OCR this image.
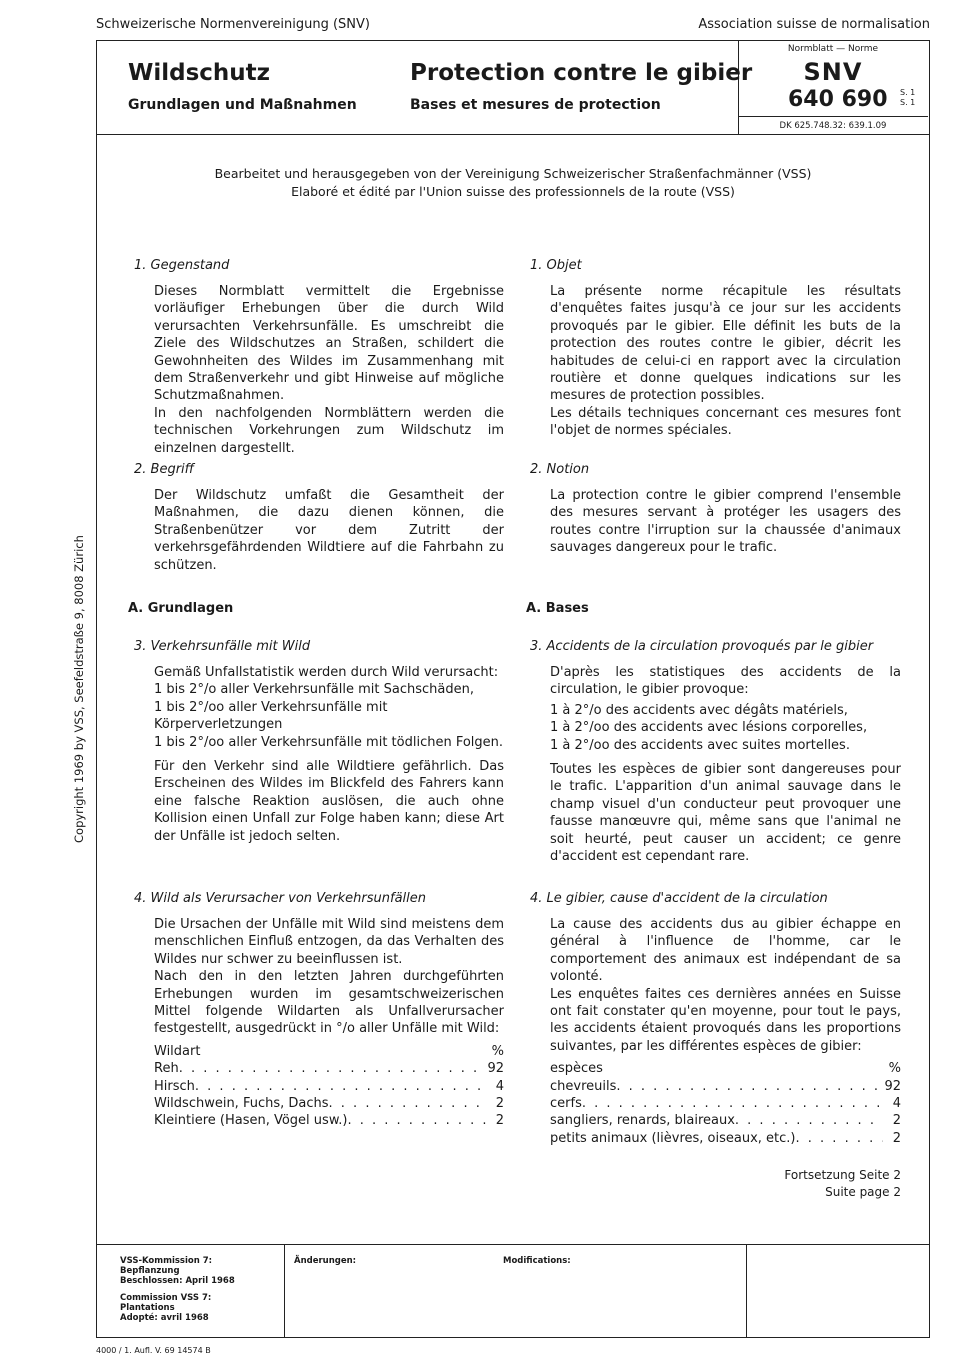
Schweizerische Normenvereinigung (SNV)	Association suisse de normalisation
Wildschutz
Grundlagen und Maßnahmen
Protection contre le gibier
Bases et mesures de protection
Normblatt — Norme
SNV
640 690 S. 1
S. 1
DK 625.748.32: 639.1.09
Bearbeitet und herausgegeben von der Vereinigung Schweizerischer Straßenfachmänner (VSS)
Elaboré et édité par l'Union suisse des professionnels de la route (VSS)
Copyright 1969 by VSS, Seefeldstraße 9, 8008 Zürich
1. Gegenstand
Dieses Normblatt vermittelt die Ergebnisse vorläufiger Erhebungen über die durch Wild verursachten Verkehrsunfälle. Es umschreibt die Ziele des Wildschutzes an Straßen, schildert die Gewohnheiten des Wildes im Zusammenhang mit dem Straßenverkehr und gibt Hinweise auf mögliche Schutzmaßnahmen.
In den nachfolgenden Normblättern werden die technischen Vorkehrungen zum Wildschutz im einzelnen dargestellt.
2. Begriff
Der Wildschutz umfaßt die Gesamtheit der Maßnahmen, die dazu dienen können, die Straßenbenützer vor dem Zutritt der verkehrsgefährdenden Wildtiere auf die Fahrbahn zu schützen.
A. Grundlagen
3. Verkehrsunfälle mit Wild
Gemäß Unfallstatistik werden durch Wild verursacht:
1 bis 2°/o aller Verkehrsunfälle mit Sachschäden,
1 bis 2°/oo aller Verkehrsunfälle mit Körperverletzungen
1 bis 2°/oo aller Verkehrsunfälle mit tödlichen Folgen.
Für den Verkehr sind alle Wildtiere gefährlich. Das Erscheinen des Wildes im Blickfeld des Fahrers kann eine falsche Reaktion auslösen, die auch ohne Kollision einen Unfall zur Folge haben kann; diese Art der Unfälle ist jedoch selten.
4. Wild als Verursacher von Verkehrsunfällen
Die Ursachen der Unfälle mit Wild sind meistens dem menschlichen Einfluß entzogen, da das Verhalten des Wildes nur schwer zu beeinflussen ist.
Nach den in den letzten Jahren durchgeführten Erhebungen wurden im gesamtschweizerischen Mittel folgende Wildarten als Unfallverursacher festgestellt, ausgedrückt in °/o aller Unfälle mit Wild:
Wildart	%
Reh . . .	92
Hirsch . . .	4
Wildschwein, Fuchs, Dachs . . .	2
Kleintiere (Hasen, Vögel usw.) . . .	2
1. Objet
La présente norme récapitule les résultats d'enquêtes faites jusqu'à ce jour sur les accidents provoqués par le gibier. Elle définit les buts de la protection des routes contre le gibier, décrit les habitudes de celui-ci en rapport avec la circulation routière et donne quelques indications sur les mesures de protection possibles.
Les détails techniques concernant ces mesures font l'objet de normes spéciales.
2. Notion
La protection contre le gibier comprend l'ensemble des mesures servant à protéger les usagers des routes contre l'irruption sur la chaussée d'animaux sauvages dangereux pour le trafic.
A. Bases
3. Accidents de la circulation provoqués par le gibier
D'après les statistiques des accidents de la circulation, le gibier provoque:
1 à 2°/o des accidents avec dégâts matériels,
1 à 2°/oo des accidents avec lésions corporelles,
1 à 2°/oo des accidents avec suites mortelles.
Toutes les espèces de gibier sont dangereuses pour le trafic. L'apparition d'un animal sauvage dans le champ visuel d'un conducteur peut provoquer une fausse manœuvre qui, même sans que l'animal ne soit heurté, peut causer un accident; ce genre d'accident est cependant rare.
4. Le gibier, cause d'accident de la circulation
La cause des accidents dus au gibier échappe en général à l'influence de l'homme, car le comportement des animaux est indépendant de sa volonté.
Les enquêtes faites ces dernières années en Suisse ont fait constater qu'en moyenne, pour tout le pays, les accidents étaient provoqués dans les proportions suivantes, par les différentes espèces de gibier:
espèces	%
chevreuils . . .	92
cerfs . . .	4
sangliers, renards, blaireaux . . .	2
petits animaux (lièvres, oiseaux, etc.) . . .	2
Fortsetzung Seite 2
Suite page 2
VSS-Kommission 7:
Bepflanzung
Beschlossen: April 1968
Commission VSS 7:
Plantations
Adopté: avril 1968
Änderungen:	Modifications:
4000 / 1. Aufl. V. 69 14574 B
